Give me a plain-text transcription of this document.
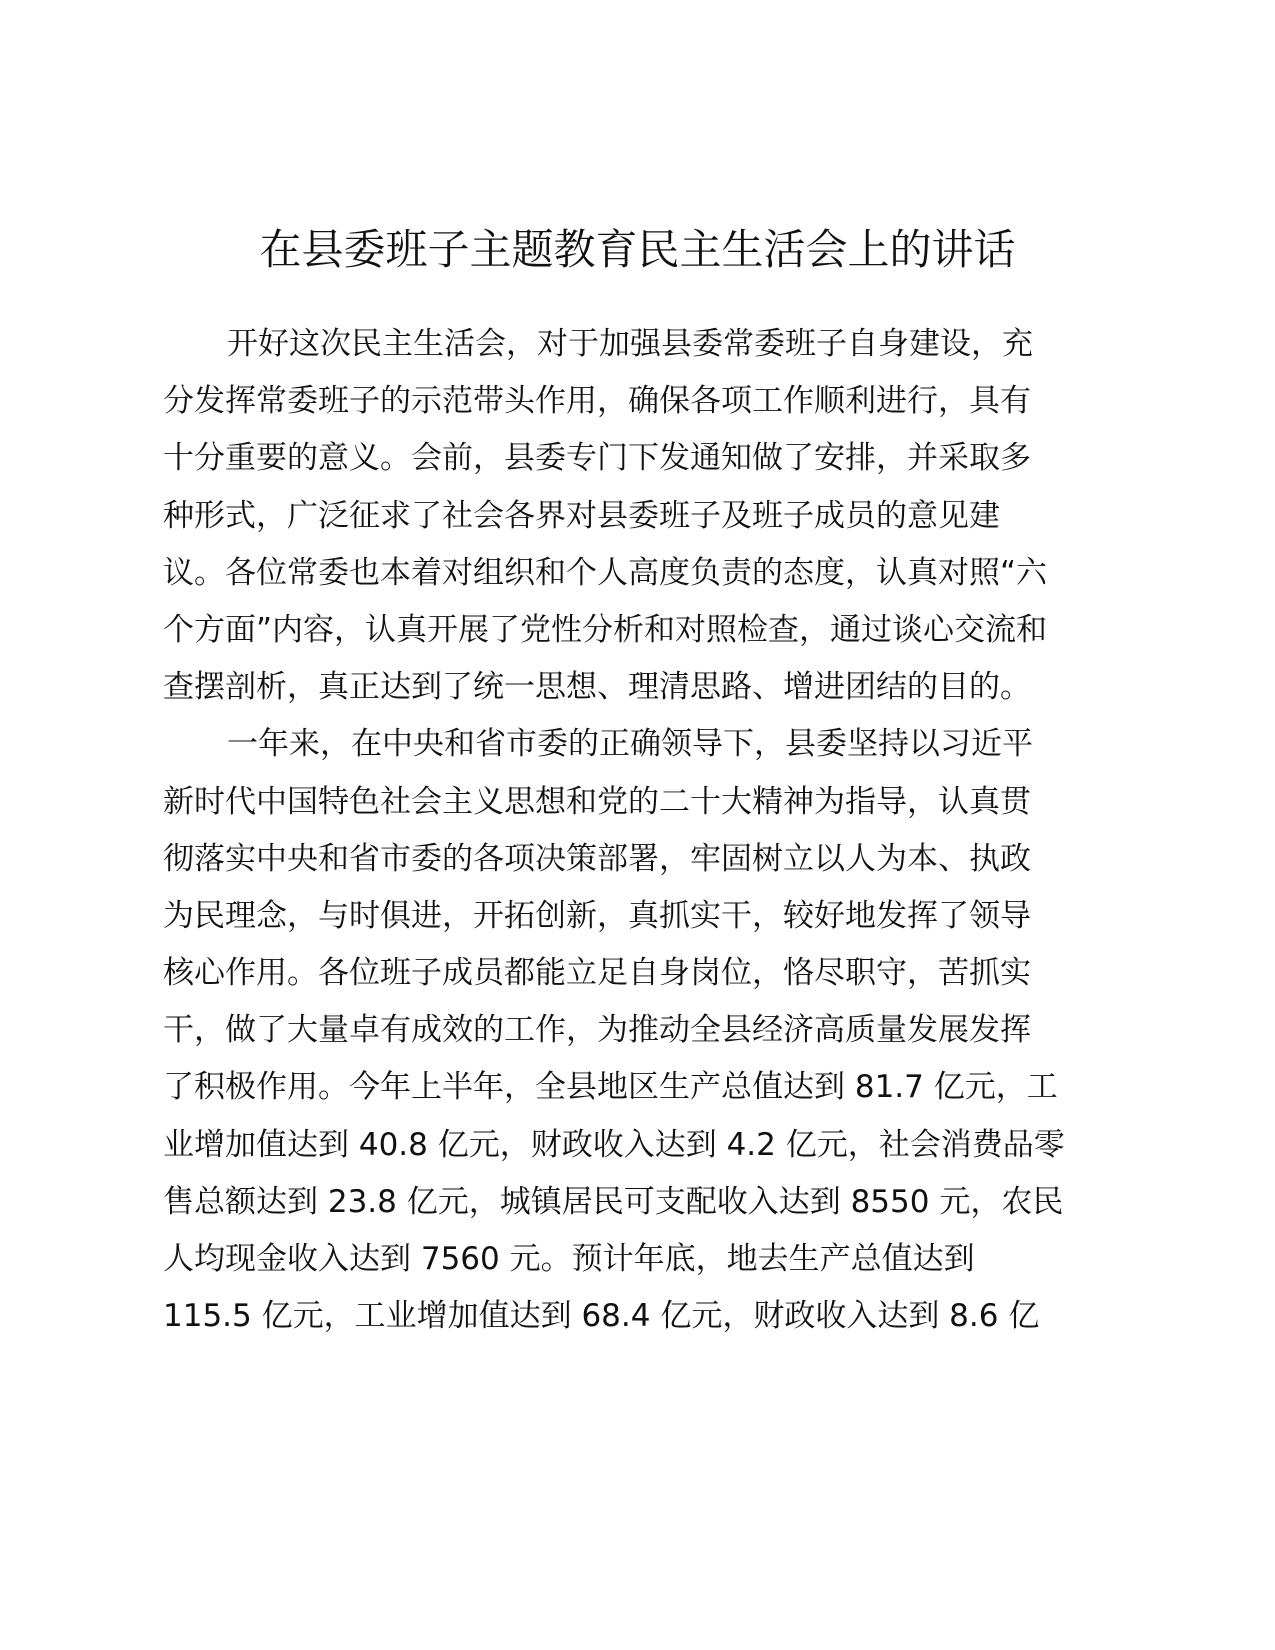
在县委班子主题教育民主生活会上的讲话
开好这次民主生活会，对于加强县委常委班子自身建设，充
分发挥常委班子的示范带头作用，确保各项工作顺利进行，具有
十分重要的意义。会前，县委专门下发通知做了安排，并采取多
种形式，广泛征求了社会各界对县委班子及班子成员的意见建
议。各位常委也本着对组织和个人高度负责的态度，认真对照“六
个方面”内容，认真开展了党性分析和对照检查，通过谈心交流和
查摆剖析，真正达到了统一思想、理清思路、增进团结的目的。
一年来，在中央和省市委的正确领导下，县委坚持以习近平
新时代中国特色社会主义思想和党的二十大精神为指导，认真贯
彻落实中央和省市委的各项决策部署，牢固树立以人为本、执政
为民理念，与时俱进，开拓创新，真抓实干，较好地发挥了领导
核心作用。各位班子成员都能立足自身岗位，恪尽职守，苦抓实
干，做了大量卓有成效的工作，为推动全县经济高质量发展发挥
了积极作用。今年上半年，全县地区生产总值达到 81.7 亿元，工
业增加值达到 40.8 亿元，财政收入达到 4.2 亿元，社会消费品零
售总额达到 23.8 亿元，城镇居民可支配收入达到 8550 元，农民
人均现金收入达到 7560 元。预计年底，地去生产总值达到
115.5 亿元，工业增加值达到 68.4 亿元，财政收入达到 8.6 亿
